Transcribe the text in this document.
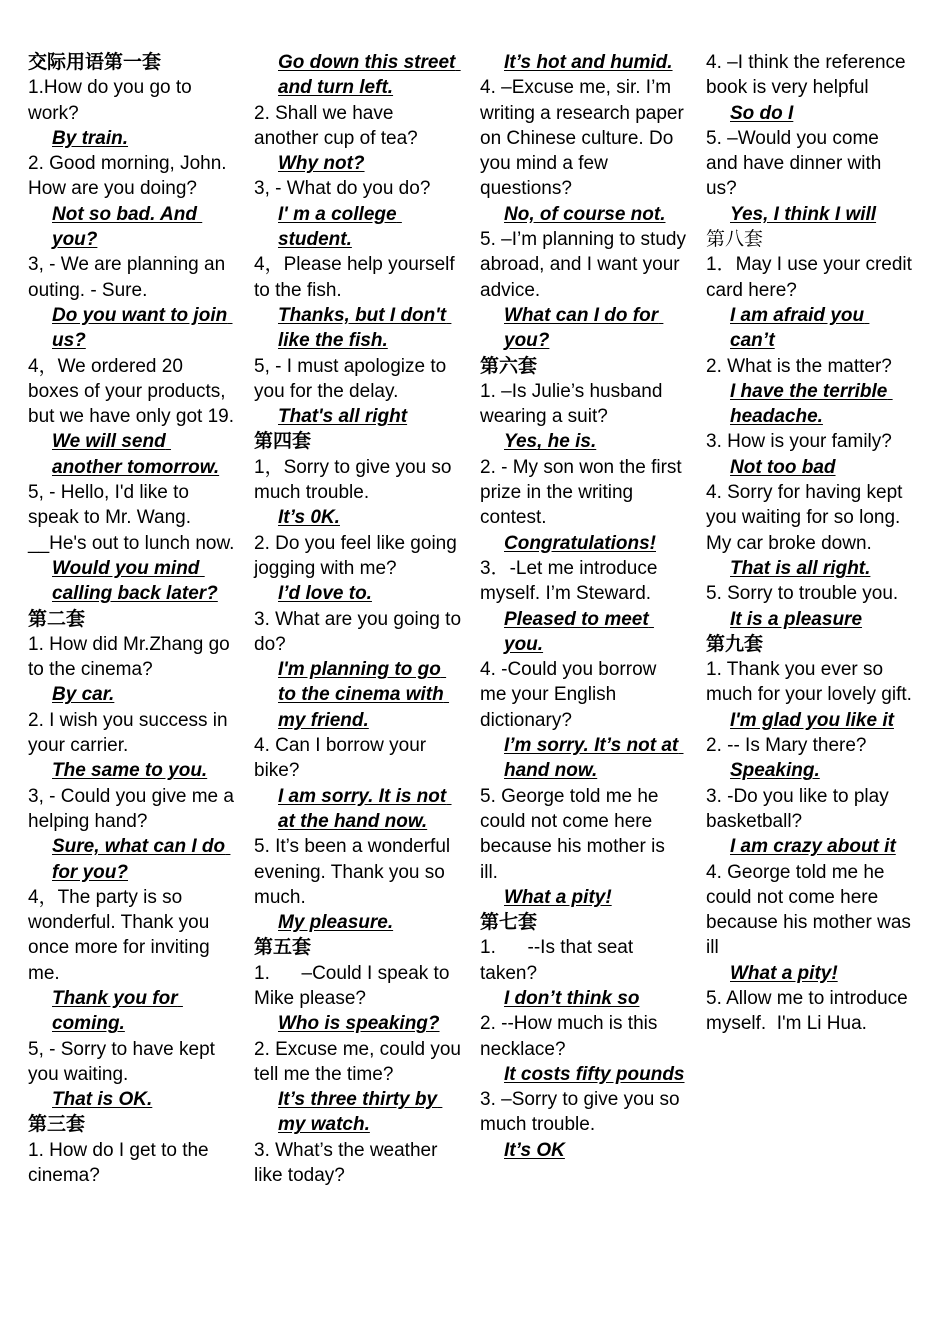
交际用语第一套
1.How do you go to work?
By train.
2. Good morning, John. How are you doing?
Not so bad. And you?
3, - We are planning an outing. - Sure.
Do you want to join us?
4，We ordered 20 boxes of your products, but we have only got 19.
We will send another tomorrow.
5, - Hello, I'd like to speak to Mr. Wang. __He's out to lunch now.
Would you mind calling back later?
第二套
1. How did Mr.Zhang go to the cinema?
By car.
2. I wish you success in your carrier.
The same to you.
3, - Could you give me a helping hand?
Sure, what can I do for you?
4，The party is so wonderful. Thank you once more for inviting me.
Thank you for coming.
5, - Sorry to have kept you waiting.
That is OK.
第三套
1. How do I get to the cinema?
Go down this street and turn left.
2. Shall we have another cup of tea?
Why not?
3, - What do you do?
I' m a college student.
4，Please help yourself to the fish.
Thanks, but I don't like the fish.
5, - I must apologize to you for the delay.
That's all right
第四套
1，Sorry to give you so much trouble.
It’s 0K.
2. Do you feel like going jogging with me?
I’d love to.
3. What are you going to do?
I'm planning to go to the cinema with my friend.
4. Can I borrow your bike?
I am sorry. It is not at the hand now.
5. It’s been a wonderful evening. Thank you so much.
My pleasure.
第五套
1.      –Could I speak to Mike please?
Who is speaking?
2. Excuse me, could you tell me the time?
It’s three thirty by my watch.
3. What’s the weather like today?
It’s hot and humid.
4. –Excuse me, sir. I’m writing a research paper on Chinese culture. Do you mind a few questions?
No, of course not.
5. –I’m planning to study abroad, and I want your advice.
What can I do for you?
第六套
1. –Is Julie’s husband wearing a suit?
Yes, he is.
2. - My son won the first prize in the writing contest.
Congratulations!
3．-Let me introduce myself. I’m Steward.
Pleased to meet you.
4. -Could you borrow me your English dictionary?
I’m sorry. It’s not at hand now.
5. George told me he could not come here because his mother is ill.
What a pity!
第七套
1.      --Is that seat taken?
I don’t think so
2. --How much is this necklace?
It costs fifty pounds
3. –Sorry to give you so much trouble.
It’s OK
4. –I think the reference book is very helpful
So do I
5. –Would you come and have dinner with us?
Yes, I think I will
第八套
1．May I use your credit card here?
I am afraid you can’t
2. What is the matter?
I have the terrible headache.
3. How is your family?
Not too bad
4. Sorry for having kept you waiting for so long. My car broke down.
That is all right.
5. Sorry to trouble you.
It is a pleasure
第九套
1. Thank you ever so much for your lovely gift.
I'm glad you like it
2. -- Is Mary there?
Speaking.
3. -Do you like to play basketball?
I am crazy about it
4. George told me he could not come here because his mother was ill
What a pity!
5. Allow me to introduce myself.  I'm Li Hua.
